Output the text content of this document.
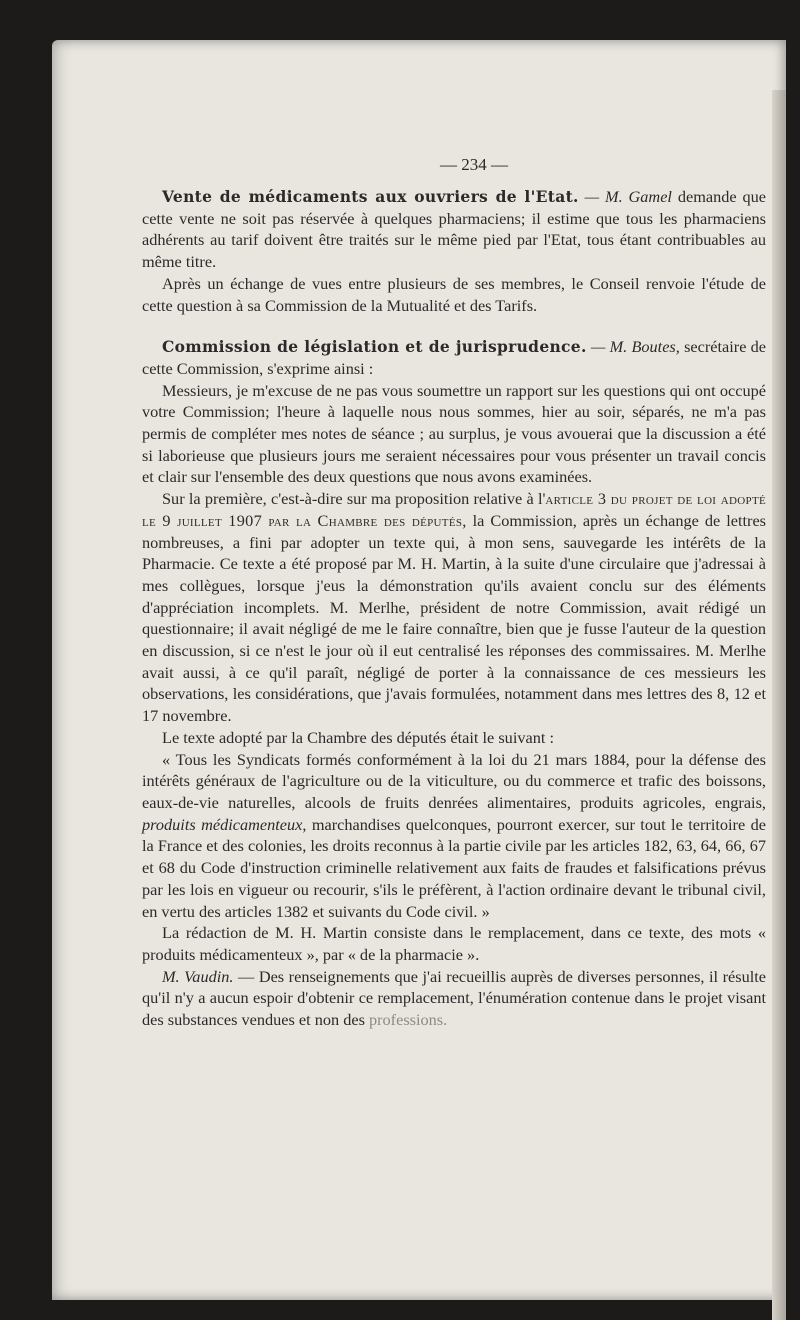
— 234 —

Vente de médicaments aux ouvriers de l'Etat. — M. Gamel demande que cette vente ne soit pas réservée à quelques pharmaciens; il estime que tous les pharmaciens adhérents au tarif doivent être traités sur le même pied par l'Etat, tous étant contribuables au même titre.

Après un échange de vues entre plusieurs de ses membres, le Conseil renvoie l'étude de cette question à sa Commission de la Mutualité et des Tarifs.

Commission de législation et de jurisprudence. — M. Boutes, secrétaire de cette Commission, s'exprime ainsi :

Messieurs, je m'excuse de ne pas vous soumettre un rapport sur les questions qui ont occupé votre Commission; l'heure à laquelle nous nous sommes, hier au soir, séparés, ne m'a pas permis de compléter mes notes de séance ; au surplus, je vous avouerai que la discussion a été si laborieuse que plusieurs jours me seraient nécessaires pour vous présenter un travail concis et clair sur l'ensemble des deux questions que nous avons examinées.

Sur la première, c'est-à-dire sur ma proposition relative à l'article 3 du projet de loi adopté le 9 juillet 1907 par la Chambre des députés, la Commission, après un échange de lettres nombreuses, a fini par adopter un texte qui, à mon sens, sauvegarde les intérêts de la Pharmacie. Ce texte a été proposé par M. H. Martin, à la suite d'une circulaire que j'adressai à mes collègues, lorsque j'eus la démonstration qu'ils avaient conclu sur des éléments d'appréciation incomplets. M. Merlhe, président de notre Commission, avait rédigé un questionnaire; il avait négligé de me le faire connaître, bien que je fusse l'auteur de la question en discussion, si ce n'est le jour où il eut centralisé les réponses des commissaires. M. Merlhe avait aussi, à ce qu'il paraît, négligé de porter à la connaissance de ces messieurs les observations, les considérations, que j'avais formulées, notamment dans mes lettres des 8, 12 et 17 novembre.

Le texte adopté par la Chambre des députés était le suivant :

« Tous les Syndicats formés conformément à la loi du 21 mars 1884, pour la défense des intérêts généraux de l'agriculture ou de la viticulture, ou du commerce et trafic des boissons, eaux-de-vie naturelles, alcools de fruits denrées alimentaires, produits agricoles, engrais, produits médicamenteux, marchandises quelconques, pourront exercer, sur tout le territoire de la France et des colonies, les droits reconnus à la partie civile par les articles 182, 63, 64, 66, 67 et 68 du Code d'instruction criminelle relativement aux faits de fraudes et falsifications prévus par les lois en vigueur ou recourir, s'ils le préfèrent, à l'action ordinaire devant le tribunal civil, en vertu des articles 1382 et suivants du Code civil. »

La rédaction de M. H. Martin consiste dans le remplacement, dans ce texte, des mots « produits médicamenteux », par « de la pharmacie ».

M. Vaudin. — Des renseignements que j'ai recueillis auprès de diverses personnes, il résulte qu'il n'y a aucun espoir d'obtenir ce remplacement, l'énumération contenue dans le projet visant des substances vendues et non des professions.
